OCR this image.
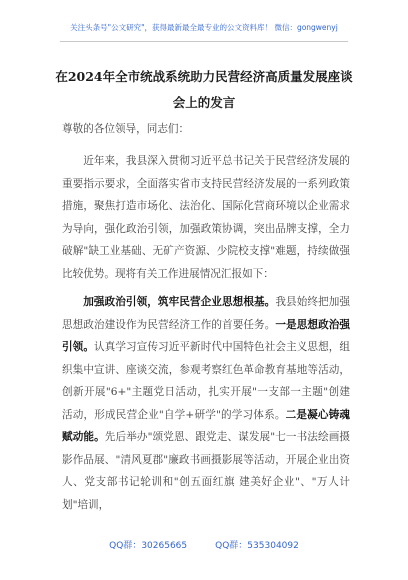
关注头条号"公文研究"，获得最新最全最专业的公文资料库！ 微信：gongwenyj
在2024年全市统战系统助力民营经济高质量发展座谈会上的发言
尊敬的各位领导，同志们：
近年来，我县深入贯彻习近平总书记关于民营经济发展的重要指示要求，全面落实省市支持民营经济发展的一系列政策措施，聚焦打造市场化、法治化、国际化营商环境以企业需求为导向，强化政治引领，加强政策协调，突出品牌支撑，全力破解"缺工业基础、无矿产资源、少院校支撑"难题，持续做强比较优势。现将有关工作进展情况汇报如下：
加强政治引领，筑牢民营企业思想根基。我县始终把加强思想政治建设作为民营经济工作的首要任务。一是思想政治强引领。认真学习宣传习近平新时代中国特色社会主义思想，组织集中宣讲、座谈交流，参观考察红色革命教育基地等活动，创新开展"6+"主题党日活动，扎实开展"一支部一主题"创建活动，形成民营企业"自学+研学"的学习体系。二是凝心铸魂赋动能。先后举办"颂党恩、跟党走、谋发展"七一书法绘画摄影作品展、"清风夏郡"廉政书画摄影展等活动，开展企业出资人、党支部书记轮训和"创五面红旗 建美好企业"、"万人计划"培训，
QQ群：30265665	QQ群：535304092
